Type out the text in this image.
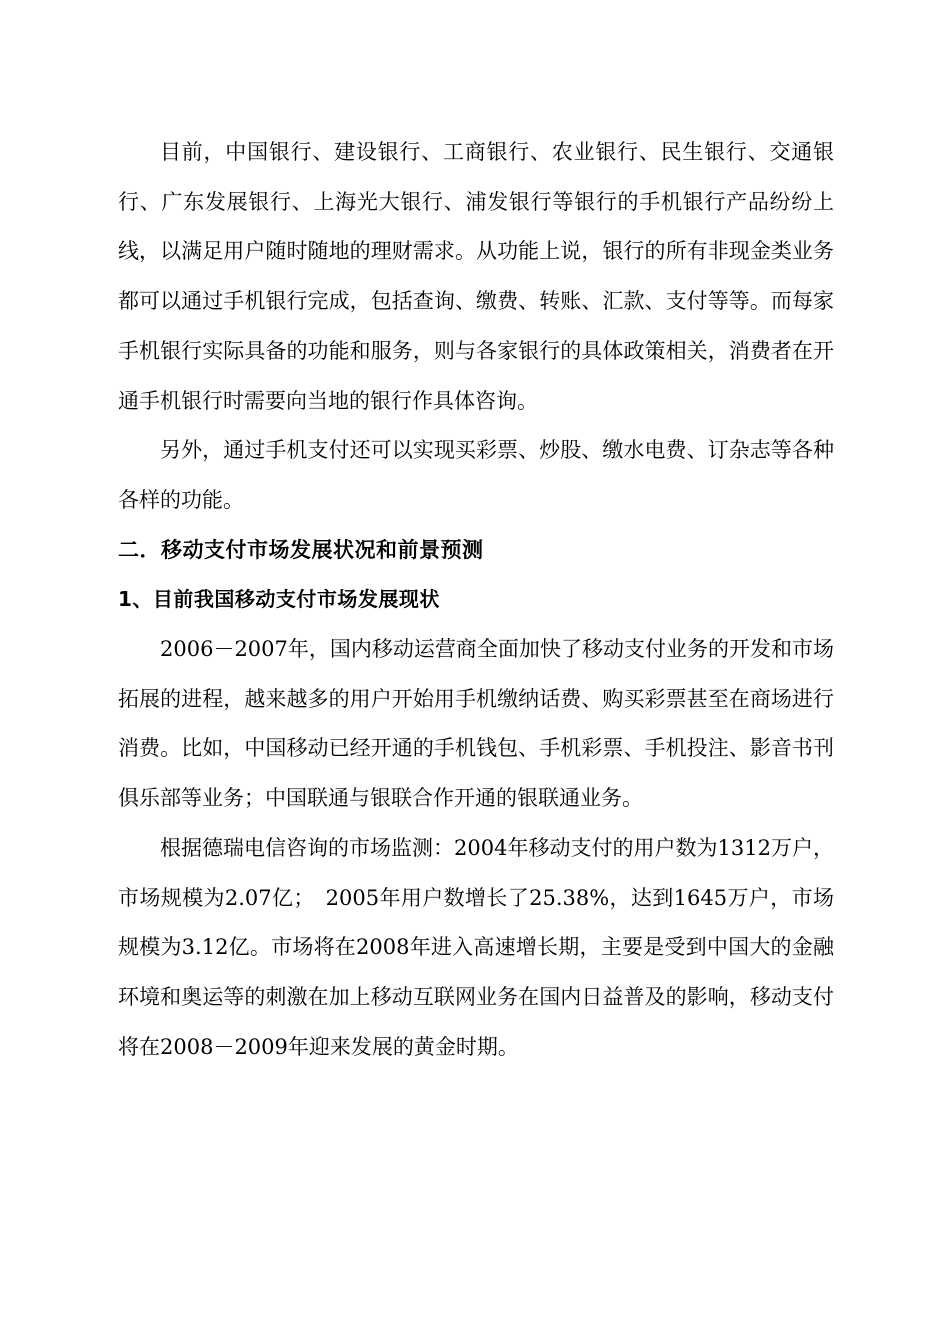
目前，中国银行、建设银行、工商银行、农业银行、民生银行、交通银行、广东发展银行、上海光大银行、浦发银行等银行的手机银行产品纷纷上线，以满足用户随时随地的理财需求。从功能上说，银行的所有非现金类业务都可以通过手机银行完成，包括查询、缴费、转账、汇款、支付等等。而每家手机银行实际具备的功能和服务，则与各家银行的具体政策相关，消费者在开通手机银行时需要向当地的银行作具体咨询。

另外，通过手机支付还可以实现买彩票、炒股、缴水电费、订杂志等各种各样的功能。

二．移动支付市场发展状况和前景预测
1、目前我国移动支付市场发展现状

2006－2007年，国内移动运营商全面加快了移动支付业务的开发和市场拓展的进程，越来越多的用户开始用手机缴纳话费、购买彩票甚至在商场进行消费。比如，中国移动已经开通的手机钱包、手机彩票、手机投注、影音书刊俱乐部等业务；中国联通与银联合作开通的银联通业务。

根据德瑞电信咨询的市场监测：2004年移动支付的用户数为1312万户，市场规模为2.07亿；　2005年用户数增长了25.38%，达到1645万户，市场规模为3.12亿。市场将在2008年进入高速增长期，主要是受到中国大的金融环境和奥运等的刺激在加上移动互联网业务在国内日益普及的影响，移动支付将在2008－2009年迎来发展的黄金时期。
